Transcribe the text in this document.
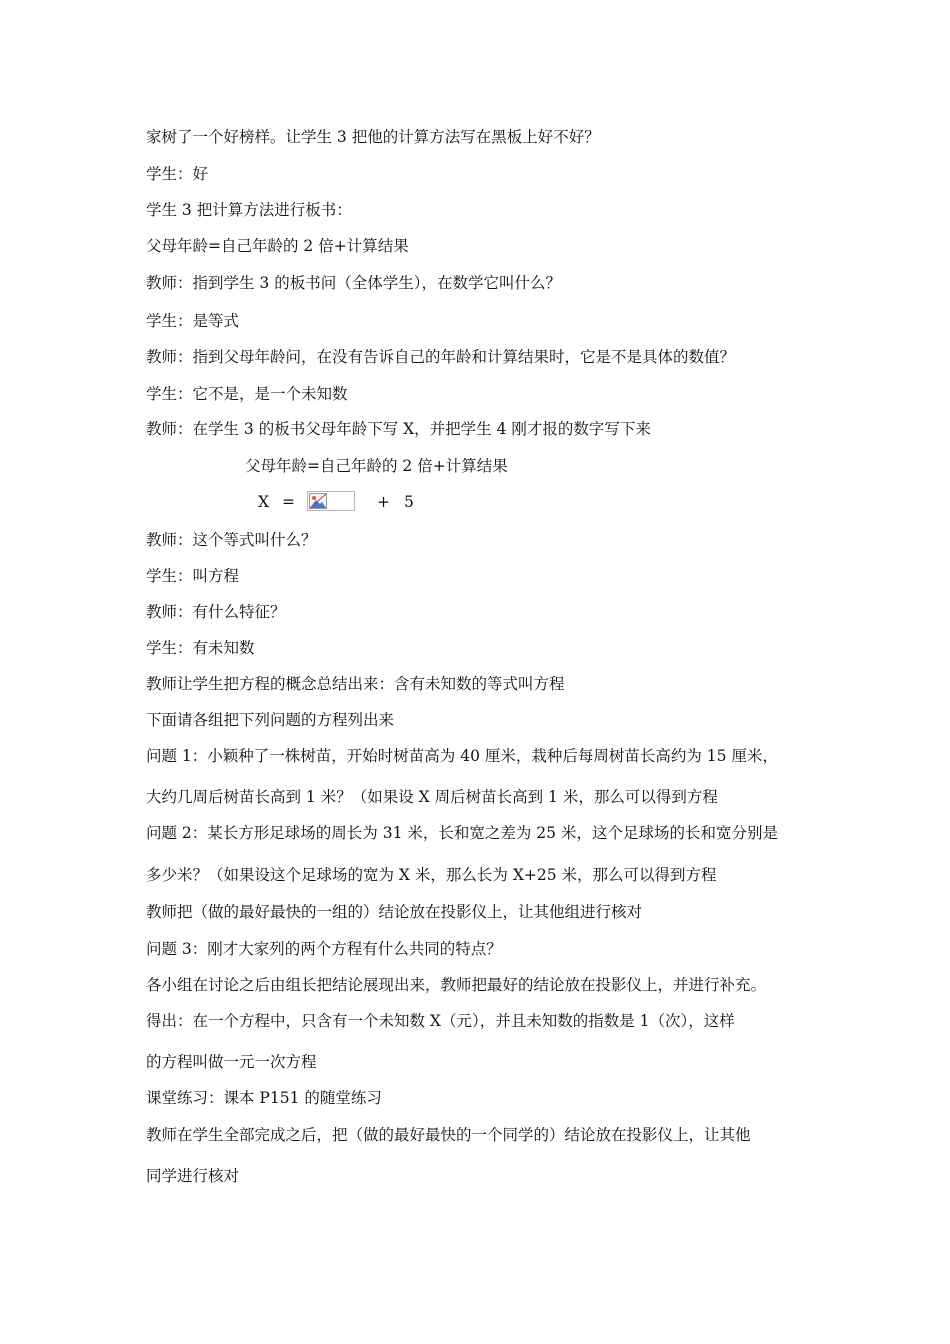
家树了一个好榜样。让学生 3 把他的计算方法写在黑板上好不好？
学生：好
学生 3 把计算方法进行板书：
父母年龄=自己年龄的 2 倍+计算结果
教师：指到学生 3 的板书问（全体学生），在数学它叫什么？
学生：是等式
教师：指到父母年龄问，在没有告诉自己的年龄和计算结果时，它是不是具体的数值？
学生：它不是，是一个未知数
教师：在学生 3 的板书父母年龄下写 X，并把学生 4 刚才报的数字写下来
父母年龄=自己年龄的 2 倍+计算结果
X =	+ 5
教师：这个等式叫什么？
学生：叫方程
教师：有什么特征？
学生：有未知数
教师让学生把方程的概念总结出来：含有未知数的等式叫方程
下面请各组把下列问题的方程列出来
问题 1：小颖种了一株树苗，开始时树苗高为 40 厘米，栽种后每周树苗长高约为 15 厘米，
大约几周后树苗长高到 1 米？（如果设 X 周后树苗长高到 1 米，那么可以得到方程
问题 2：某长方形足球场的周长为 31 米，长和宽之差为 25 米，这个足球场的长和宽分别是
多少米？（如果设这个足球场的宽为 X 米，那么长为 X+25 米，那么可以得到方程
教师把（做的最好最快的一组的）结论放在投影仪上，让其他组进行核对
问题 3：刚才大家列的两个方程有什么共同的特点？
各小组在讨论之后由组长把结论展现出来，教师把最好的结论放在投影仪上，并进行补充。
得出：在一个方程中，只含有一个未知数 X（元），并且未知数的指数是 1（次），这样
的方程叫做一元一次方程
课堂练习：课本 P151 的随堂练习
教师在学生全部完成之后，把（做的最好最快的一个同学的）结论放在投影仪上，让其他
同学进行核对
